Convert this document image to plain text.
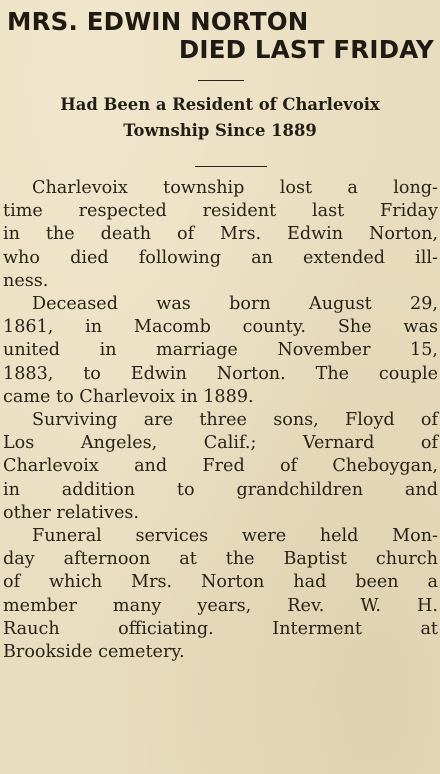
MRS. EDWIN NORTON
DIED LAST FRIDAY
Had Been a Resident of Charlevoix
Township Since 1889

Charlevoix township lost a long-
time respected resident last Friday
in the death of Mrs. Edwin Norton,
who died following an extended ill-
ness.

Deceased was born August 29,
1861, in Macomb county. She was
united in marriage November 15,
1883, to Edwin Norton. The couple
came to Charlevoix in 1889.

Surviving are three sons, Floyd of
Los Angeles, Calif.; Vernard of
Charlevoix and Fred of Cheboygan,
in addition to grandchildren and
other relatives.

Funeral services were held Mon-
day afternoon at the Baptist church
of which Mrs. Norton had been a
member many years, Rev. W. H.
Rauch officiating. Interment at
Brookside cemetery.
